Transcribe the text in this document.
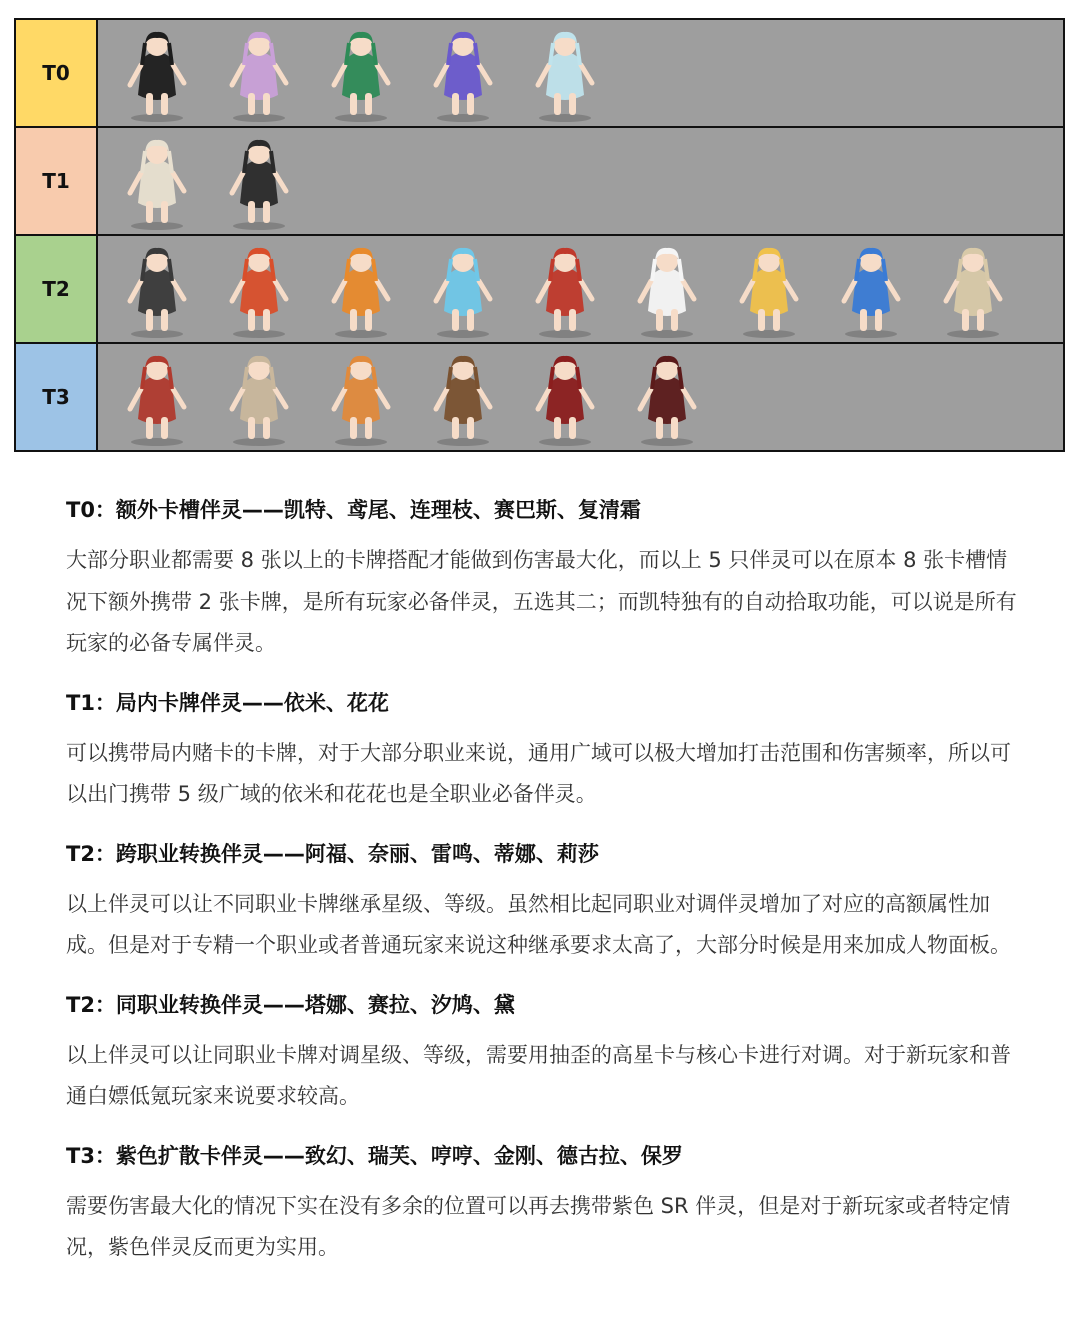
T0
T1
T2
T3
T0：额外卡槽伴灵——凯特、鸢尾、连理枝、赛巴斯、复清霜

大部分职业都需要 8 张以上的卡牌搭配才能做到伤害最大化，而以上 5 只伴灵可以在原本 8 张卡槽情况下额外携带 2 张卡牌，是所有玩家必备伴灵，五选其二；而凯特独有的自动拾取功能，可以说是所有玩家的必备专属伴灵。

T1：局内卡牌伴灵——依米、花花

可以携带局内赌卡的卡牌，对于大部分职业来说，通用广域可以极大增加打击范围和伤害频率，所以可以出门携带 5 级广域的依米和花花也是全职业必备伴灵。

T2：跨职业转换伴灵——阿福、奈丽、雷鸣、蒂娜、莉莎

以上伴灵可以让不同职业卡牌继承星级、等级。虽然相比起同职业对调伴灵增加了对应的高额属性加成。但是对于专精一个职业或者普通玩家来说这种继承要求太高了，大部分时候是用来加成人物面板。

T2：同职业转换伴灵——塔娜、赛拉、汐鸠、黛

以上伴灵可以让同职业卡牌对调星级、等级，需要用抽歪的高星卡与核心卡进行对调。对于新玩家和普通白嫖低氪玩家来说要求较高。

T3：紫色扩散卡伴灵——致幻、瑞芙、哼哼、金刚、德古拉、保罗

需要伤害最大化的情况下实在没有多余的位置可以再去携带紫色 SR 伴灵，但是对于新玩家或者特定情况，紫色伴灵反而更为实用。
